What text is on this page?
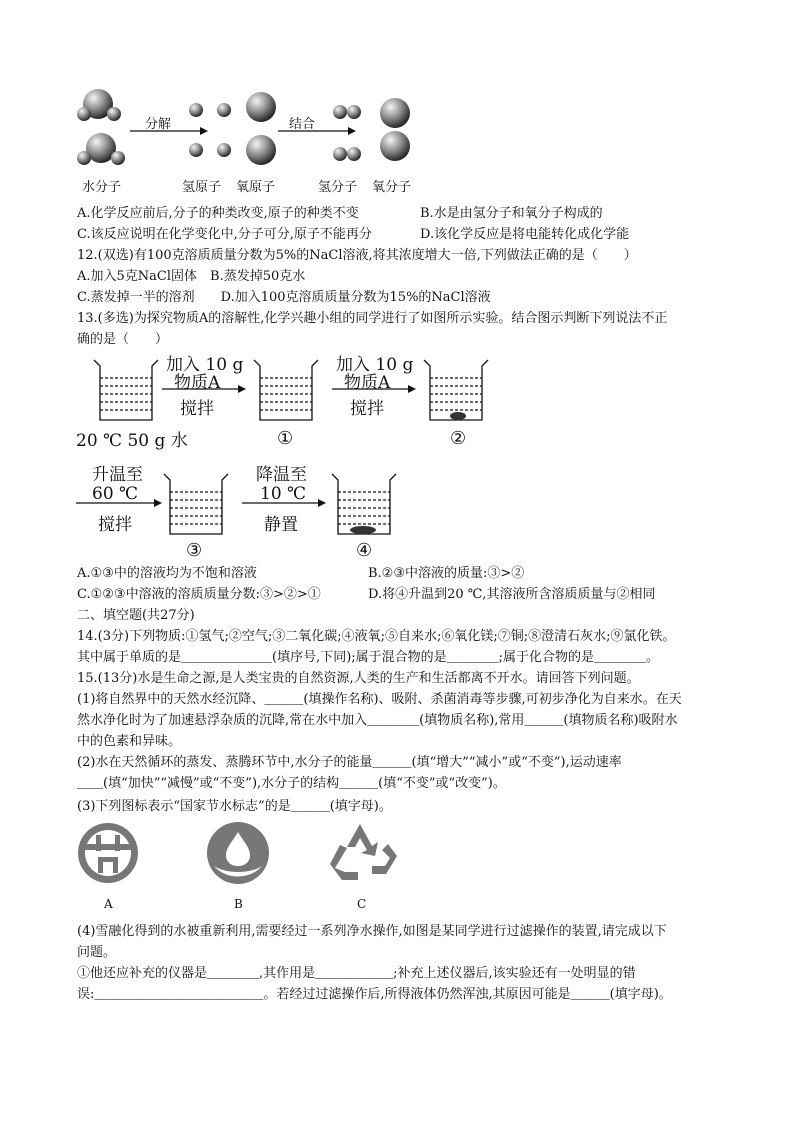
分解	结合
水分子	氢原子 氧原子	氢分子 氧分子
A.化学反应前后,分子的种类改变,原子的种类不变	B.水是由氢分子和氧分子构成的
C.该反应说明在化学变化中,分子可分,原子不能再分	D.该化学反应是将电能转化成化学能
12.(双选)有100克溶质质量分数为5%的NaCl溶液,将其浓度增大一倍,下列做法正确的是（　　）
A.加入5克NaCl固体　B.蒸发掉50克水
C.蒸发掉一半的溶剂　　D.加入100克溶质质量分数为15%的NaCl溶液
13.(多选)为探究物质A的溶解性,化学兴趣小组的同学进行了如图所示实验。结合图示判断下列说法不正
确的是（　　）
20 ℃ 50 g 水
加入 10 g
物质A
搅拌
加入 10 g
物质A
搅拌
①	②
升温至
60 ℃
搅拌
降温至
10 ℃
静置
③	④
A.①③中的溶液均为不饱和溶液	B.②③中溶液的质量:③>②
C.①②③中溶液的溶质质量分数:③>②>①	D.将④升温到20 ℃,其溶液所含溶质质量与②相同
二、填空题(共27分)
14.(3分)下列物质:①氢气;②空气;③二氧化碳;④液氧;⑤自来水;⑥氧化镁;⑦铜;⑧澄清石灰水;⑨氯化铁。
其中属于单质的是＿＿＿＿＿＿＿(填序号,下同);属于混合物的是＿＿＿＿;属于化合物的是＿＿＿＿。
15.(13分)水是生命之源,是人类宝贵的自然资源,人类的生产和生活都离不开水。请回答下列问题。
(1)将自然界中的天然水经沉降、＿＿＿(填操作名称)、吸附、杀菌消毒等步骤,可初步净化为自来水。在天
然水净化时为了加速悬浮杂质的沉降,常在水中加入＿＿＿＿(填物质名称),常用＿＿＿(填物质名称)吸附水
中的色素和异味。
(2)水在天然循环的蒸发、蒸腾环节中,水分子的能量＿＿＿(填“增大”“减小”或“不变”),运动速率
＿＿(填“加快”“减慢”或“不变”),水分子的结构＿＿＿(填“不变”或“改变”)。
(3)下列图标表示“国家节水标志”的是＿＿＿(填字母)。
A	B	C
(4)雪融化得到的水被重新利用,需要经过一系列净水操作,如图是某同学进行过滤操作的装置,请完成以下
问题。
①他还应补充的仪器是＿＿＿＿,其作用是＿＿＿＿＿＿;补充上述仪器后,该实验还有一处明显的错
误:＿＿＿＿＿＿＿＿＿＿＿＿＿。若经过过滤操作后,所得液体仍然浑浊,其原因可能是＿＿＿(填字母)。
